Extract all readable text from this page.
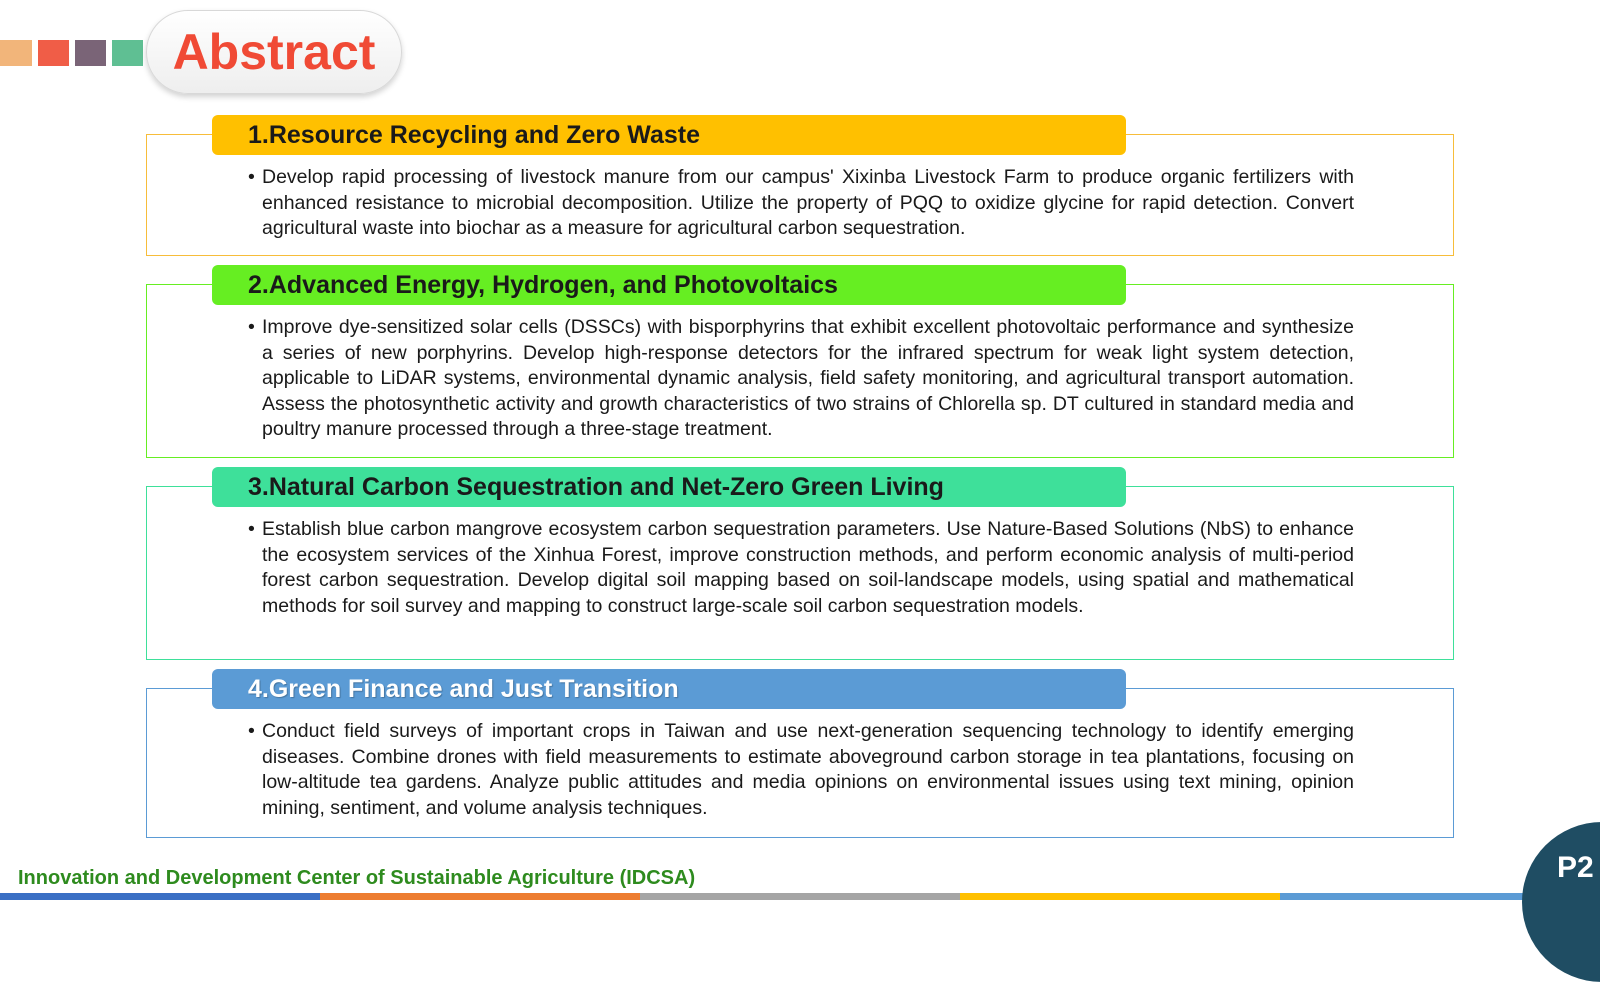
Abstract
1.Resource Recycling and Zero Waste
• Develop rapid processing of livestock manure from our campus' Xixinba Livestock Farm to produce organic fertilizers with enhanced resistance to microbial decomposition. Utilize the property of PQQ to oxidize glycine for rapid detection. Convert agricultural waste into biochar as a measure for agricultural carbon sequestration.
2.Advanced Energy, Hydrogen, and Photovoltaics
• Improve dye-sensitized solar cells (DSSCs) with bisporphyrins that exhibit excellent photovoltaic performance and synthesize a series of new porphyrins. Develop high-response detectors for the infrared spectrum for weak light system detection, applicable to LiDAR systems, environmental dynamic analysis, field safety monitoring, and agricultural transport automation. Assess the photosynthetic activity and growth characteristics of two strains of Chlorella sp. DT cultured in standard media and poultry manure processed through a three-stage treatment.
3.Natural Carbon Sequestration and Net-Zero Green Living
• Establish blue carbon mangrove ecosystem carbon sequestration parameters. Use Nature-Based Solutions (NbS) to enhance the ecosystem services of the Xinhua Forest, improve construction methods, and perform economic analysis of multi-period forest carbon sequestration. Develop digital soil mapping based on soil-landscape models, using spatial and mathematical methods for soil survey and mapping to construct large-scale soil carbon sequestration models.
4.Green Finance and Just Transition
• Conduct field surveys of important crops in Taiwan and use next-generation sequencing technology to identify emerging diseases. Combine drones with field measurements to estimate aboveground carbon storage in tea plantations, focusing on low-altitude tea gardens. Analyze public attitudes and media opinions on environmental issues using text mining, opinion mining, sentiment, and volume analysis techniques.
Innovation and Development Center of Sustainable Agriculture (IDCSA)	P2
